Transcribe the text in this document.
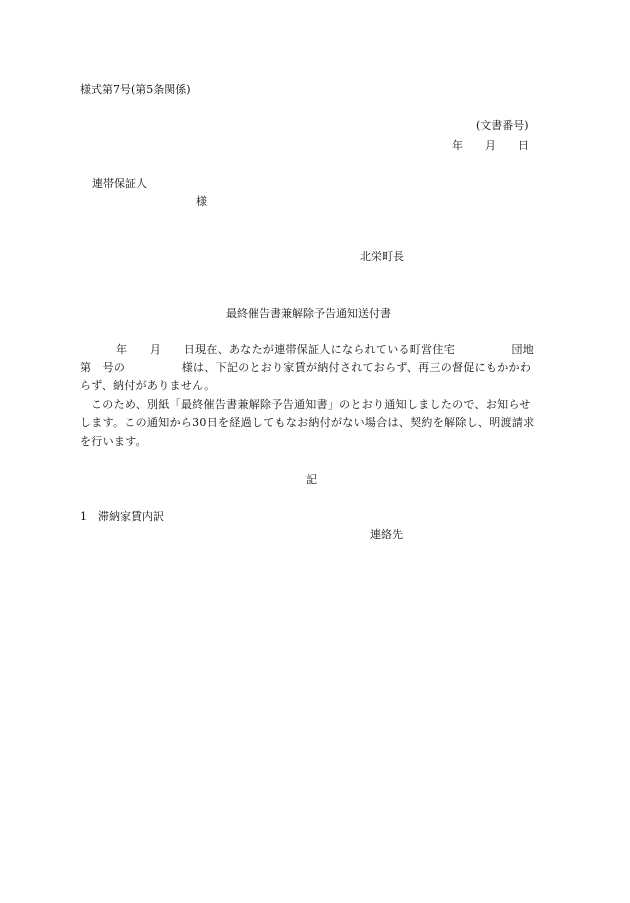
様式第7号(第5条関係)
(文書番号)
年　　月　　日
連帯保証人
様
北栄町長
最終催告書兼解除予告通知送付書
年　　月　　日現在、あなたが連帯保証人になられている町営住宅　　　　　団地
第　号の　　　　　様は、下記のとおり家賃が納付されておらず、再三の督促にもかかわ
らず、納付がありません。
このため、別紙「最終催告書兼解除予告通知書」のとおり通知しましたので、お知らせ
します。この通知から30日を経過してもなお納付がない場合は、契約を解除し、明渡請求
を行います。
記
1　滞納家賃内訳
連絡先
